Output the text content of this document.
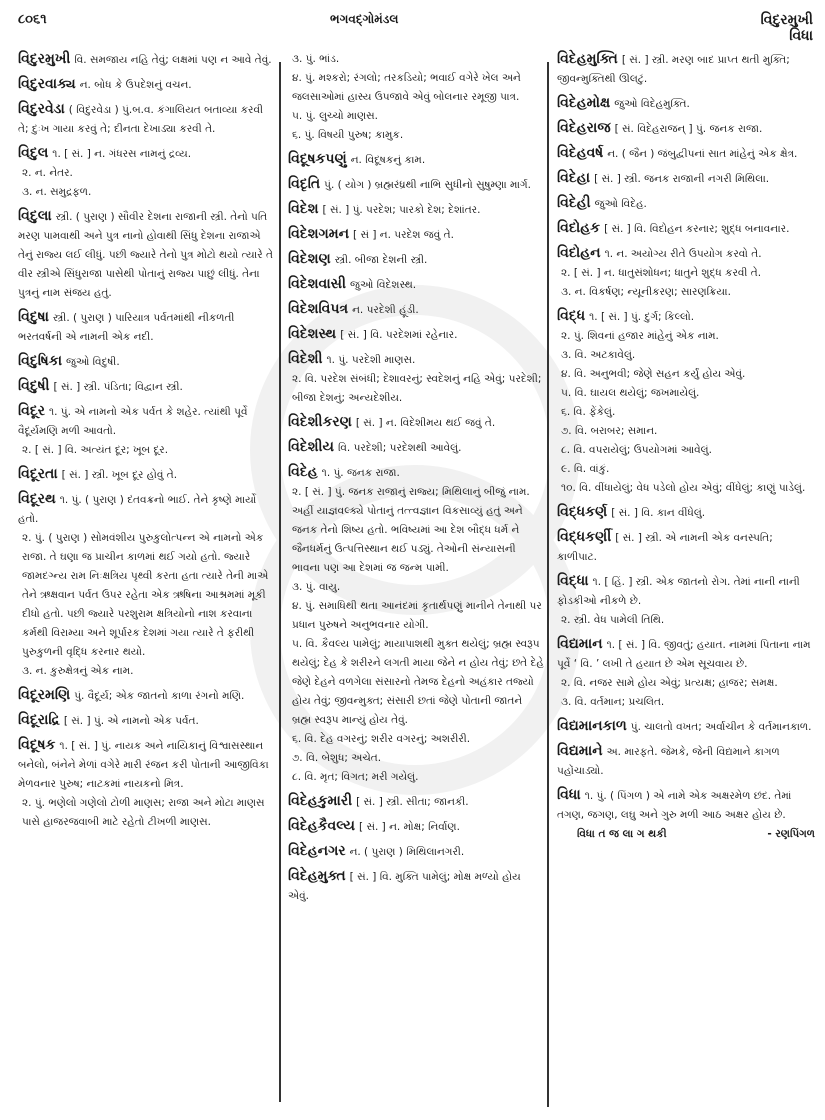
૮૦૬૧	ભગવદ્ગોમંડલ	વિદુરમુખી
વિધા
વિદુરમુખી વિ. સમજાય નહિ તેવું; લક્ષમાં પણ ન આવે તેવું.
વિદુરવાક્ય ન. બોધ કે ઉપદેશનું વચન.
વિદુરવેડા ( વિદુરવેડા ) પું.બ.વ. કંગાલિયત બતાવ્યા કરવી તે; દુઃખ ગાયા કરવું તે; દીનતા દેખાડ્યા કરવી તે.
વિદુલ ૧. [ સં. ] ન. ગંધરસ નામનું દ્રવ્ય.
૨. ન. નેતર.
૩. ન. સમુદ્રફળ.
વિદુલા સ્ત્રી. ( પુરાણ ) સૌવીર દેશના રાજાની સ્ત્રી. તેનો પતિ મરણ પામવાથી અને પુત્ર નાનો હોવાથી સિંધુ દેશના રાજાએ તેનું રાજ્ય લઈ લીધું. પછી જ્યારે તેનો પુત્ર મોટો થયો ત્યારે તે વીર સ્ત્રીએ સિંધુરાજા પાસેથી પોતાનું રાજ્ય પાછું લીધું. તેના પુત્રનું નામ સંજય હતું.
વિદુષા સ્ત્રી. ( પુરાણ ) પારિયાત્ર પર્વતમાંથી નીકળતી ભરતવર્ષની એ નામની એક નદી.
વિદુષિકા જુઓ વિદુષી.
વિદુષી [ સં. ] સ્ત્રી. પંડિતા; વિદ્વાન સ્ત્રી.
વિદૂર ૧. પું. એ નામનો એક પર્વત કે શહેર. ત્યાંથી પૂર્વે વૈદૂર્યમણિ મળી આવતો.
૨. [ સં. ] વિ. અત્યંત દૂર; ખૂબ દૂર.
વિદૂરતા [ સં. ] સ્ત્રી. ખૂબ દૂર હોવું તે.
વિદૂરથ ૧. પું. ( પુરાણ ) દંતવક્રનો ભાઈ. તેને કૃષ્ણે માર્યો હતો.
૨. પું. ( પુરાણ ) સોમવંશીય પુરુકુલોત્પન્ન એ નામનો એક રાજા. તે ઘણા જ પ્રાચીન કાળમાં થઈ ગયો હતો. જ્યારે જામદગ્ન્ય રામ નિઃક્ષત્રિય પૃથ્વી કરતા હતા ત્યારે તેની માએ તેને ઋક્ષવાન પર્વત ઉપર રહેતા એક ઋષિના આશ્રમમાં મૂકી દીધો હતો. પછી જ્યારે પરશુરામ ક્ષત્રિયોનો નાશ કરવાના કર્મથી વિરામ્યા અને શૂર્પારક દેશમાં ગયા ત્યારે તે ફરીથી પુરુકુળની વૃદ્ધિ કરનાર થયો.
૩. ન. કુરુક્ષેત્રનું એક નામ.
વિદૂરમણિ પું. વૈદૂર્ય; એક જાતનો કાળા રંગનો મણિ.
વિદૂરાદ્રિ [ સં. ] પું. એ નામનો એક પર્વત.
વિદૂષક ૧. [ સં. ] પું. નાયક અને નાયિકાનું વિશ્વાસસ્થાન બનેલો, બંનેને મેળાં વગેરે મારી રંજન કરી પોતાની આજીવિકા મેળવનાર પુરુષ; નાટકમાં નાયકનો મિત્ર.
૨. પું. ભણેલો ગણેલો ટોળી માણસ; રાજા અને મોટા માણસ પાસે હાજરજવાબી માટે રહેતો ટીખળી માણસ.
૩. પું. ભાંડ.
૪. પું. મશ્કરો; રંગલો; તરકડિયો; ભવાઈ વગેરે ખેલ અને જલસાઓમાં હાસ્ય ઉપજાવે એવું બોલનાર રમૂજી પાત્ર.
૫. પું. લુચ્ચો માણસ.
૬. પું. વિષયી પુરુષ; કામુક.
વિદૂષકપણું ન. વિદૂષકનું કામ.
વિદૃતિ પું. ( યોગ ) બ્રહ્મરંધ્રથી નાભિ સુધીનો સુષુમ્ણા માર્ગ.
વિદેશ [ સં. ] પું. પરદેશ; પારકો દેશ; દેશાંતર.
વિદેશગમન [ સં ] ન. પરદેશ જવું તે.
વિદેશણ સ્ત્રી. બીજા દેશની સ્ત્રી.
વિદેશવાસી જુઓ વિદેશસ્થ.
વિદેશવિપત્ર ન. પરદેશી હૂંડી.
વિદેશસ્થ [ સં. ] વિ. પરદેશમાં રહેનાર.
વિદેશી ૧. પું. પરદેશી માણસ.
૨. વિ. પરદેશ સંબંધી; દેશાવરનું; સ્વદેશનું નહિ એવું; પરદેશી; બીજા દેશનું; અન્યદેશીય.
વિદેશીકરણ [ સં. ] ન. વિદેશીમય થઈ જવું તે.
વિદેશીય વિ. પરદેશી; પરદેશથી આવેલું.
વિદેહ ૧. પું. જનક રાજા.
૨. [ સં. ] પું. જનક રાજાનું રાજ્ય; મિથિલાનું બીજું નામ. અહીં યાજ્ઞવલ્ક્યે પોતાનું તત્ત્વજ્ઞાન વિકસાવ્યું હતું અને જનક તેનો શિષ્ય હતો. ભવિષ્યમાં આ દેશ બૌદ્ધ ધર્મ ને જૈનધર્મનું ઉત્પત્તિસ્થાન થઈ પડ્યું. તેઓની સંન્યાસની ભાવના પણ આ દેશમાં જ જન્મ પામી.
૩. પું. વાયુ.
૪. પું. સમાધિથી થતા આનંદમાં કૃતાર્થપણું માનીને તેનાથી પર પ્રધાન પુરુષને અનુભવનાર યોગી.
૫. વિ. કૈવલ્ય પામેલું; માયાપાશથી મુક્ત થયેલું; બ્રહ્મ સ્વરૂપ થયેલું; દેહ કે શરીરને લગતી માયા જેને ન હોય તેવું; છતે દેહે જેણે દેહને વળગેલા સંસારનો તેમજ દેહનો અહંકાર તજ્યો હોય તેવું; જીવન્મુક્ત; સંસારી છતાં જેણે પોતાની જાતને બ્રહ્મ સ્વરૂપ માન્યું હોય તેવું.
૬. વિ. દેહ વગરનું; શરીર વગરનું; અશરીરી.
૭. વિ. બેશુધ; અચેત.
૮. વિ. મૃત; વિગત; મરી ગયેલું.
વિદેહકુમારી [ સં. ] સ્ત્રી. સીતા; જાનકી.
વિદેહકૈવલ્ય [ સં. ] ન. મોક્ષ; નિર્વાણ.
વિદેહનગર ન. ( પુરાણ ) મિથિલાનગરી.
વિદેહમુક્ત [ સં. ] વિ. મુક્તિ પામેલું; મોક્ષ મળ્યો હોય એવું.
વિદેહમુક્તિ [ સં. ] સ્ત્રી. મરણ બાદ પ્રાપ્ત થતી મુક્તિ; જીવન્મુક્તિથી ઊલટું.
વિદેહમોક્ષ જુઓ વિદેહમુક્તિ.
વિદેહરાજ [ સં. વિદેહરાજન્ ] પું. જનક રાજા.
વિદેહવર્ષ ન. ( જૈન ) જંબુદ્વીપનાં સાત માંહેનું એક ક્ષેત્ર.
વિદેહા [ સં. ] સ્ત્રી. જનક રાજાની નગરી મિથિલા.
વિદેહી જુઓ વિદેહ.
વિદોહક [ સં. ] વિ. વિદોહન કરનાર; શુદ્ધ બનાવનાર.
વિદોહન ૧. ન. અયોગ્ય રીતે ઉપયોગ કરવો તે.
૨. [ સં. ] ન. ધાતુસંશોધન; ધાતુને શુદ્ધ કરવી તે.
૩. ન. વિકર્ષણ; ન્યૂનીકરણ; સારણક્રિયા.
વિદ્ધ ૧. [ સં. ] પું. દુર્ગ; કિલ્લો.
૨. પું. શિવનાં હજાર માંહેનું એક નામ.
૩. વિ. અટકાવેલું.
૪. વિ. અનુભવી; જેણે સહન કર્યું હોય એવું.
૫. વિ. ઘાયલ થયેલું; જખમાયેલું.
૬. વિ. ફેંકેલું.
૭. વિ. બરાબર; સમાન.
૮. વિ. વપરાયેલું; ઉપયોગમાં આવેલું.
૯. વિ. વાંકું.
૧૦. વિ. વીંધાયેલું; વેધ પડેલો હોય એવું; વીંધેલું; કાણું પાડેલું.
વિદ્ધકર્ણ [ સં. ] વિ. કાન વીંધેલું.
વિદ્ધકર્ણી [ સં. ] સ્ત્રી. એ નામની એક વનસ્પતિ; કાળીપાટ.
વિદ્ધા ૧. [ હિં. ] સ્ત્રી. એક જાતનો રોગ. તેમાં નાની નાની ફોડકીઓ નીકળે છે.
૨. સ્ત્રી. વેધ પામેલી તિથિ.
વિદ્યમાન ૧. [ સં. ] વિ. જીવતું; હયાત. નામમાં પિતાના નામ પૂર્વે ‘ વિ. ’ લખી તે હયાત છે એમ સૂચવાય છે.
૨. વિ. નજર સામે હોય એવું; પ્રત્યક્ષ; હાજર; સમક્ષ.
૩. વિ. વર્તમાન; પ્રચલિત.
વિદ્યમાનકાળ પું. ચાલતો વખત; અર્વાચીન કે વર્તમાનકાળ.
વિદ્યમાને અ. મારફતે. જેમકે, જેની વિદ્યમાને કાગળ પહોંચાડ્યો.
વિધા ૧. પું. ( પિંગળ ) એ નામે એક અક્ષરમેળ છંદ. તેમાં તગણ, જગણ, લઘુ અને ગુરુ મળી આઠ અક્ષર હોય છે.
વિધા ત જ લા ગ થકી	- રણપિંગળ
